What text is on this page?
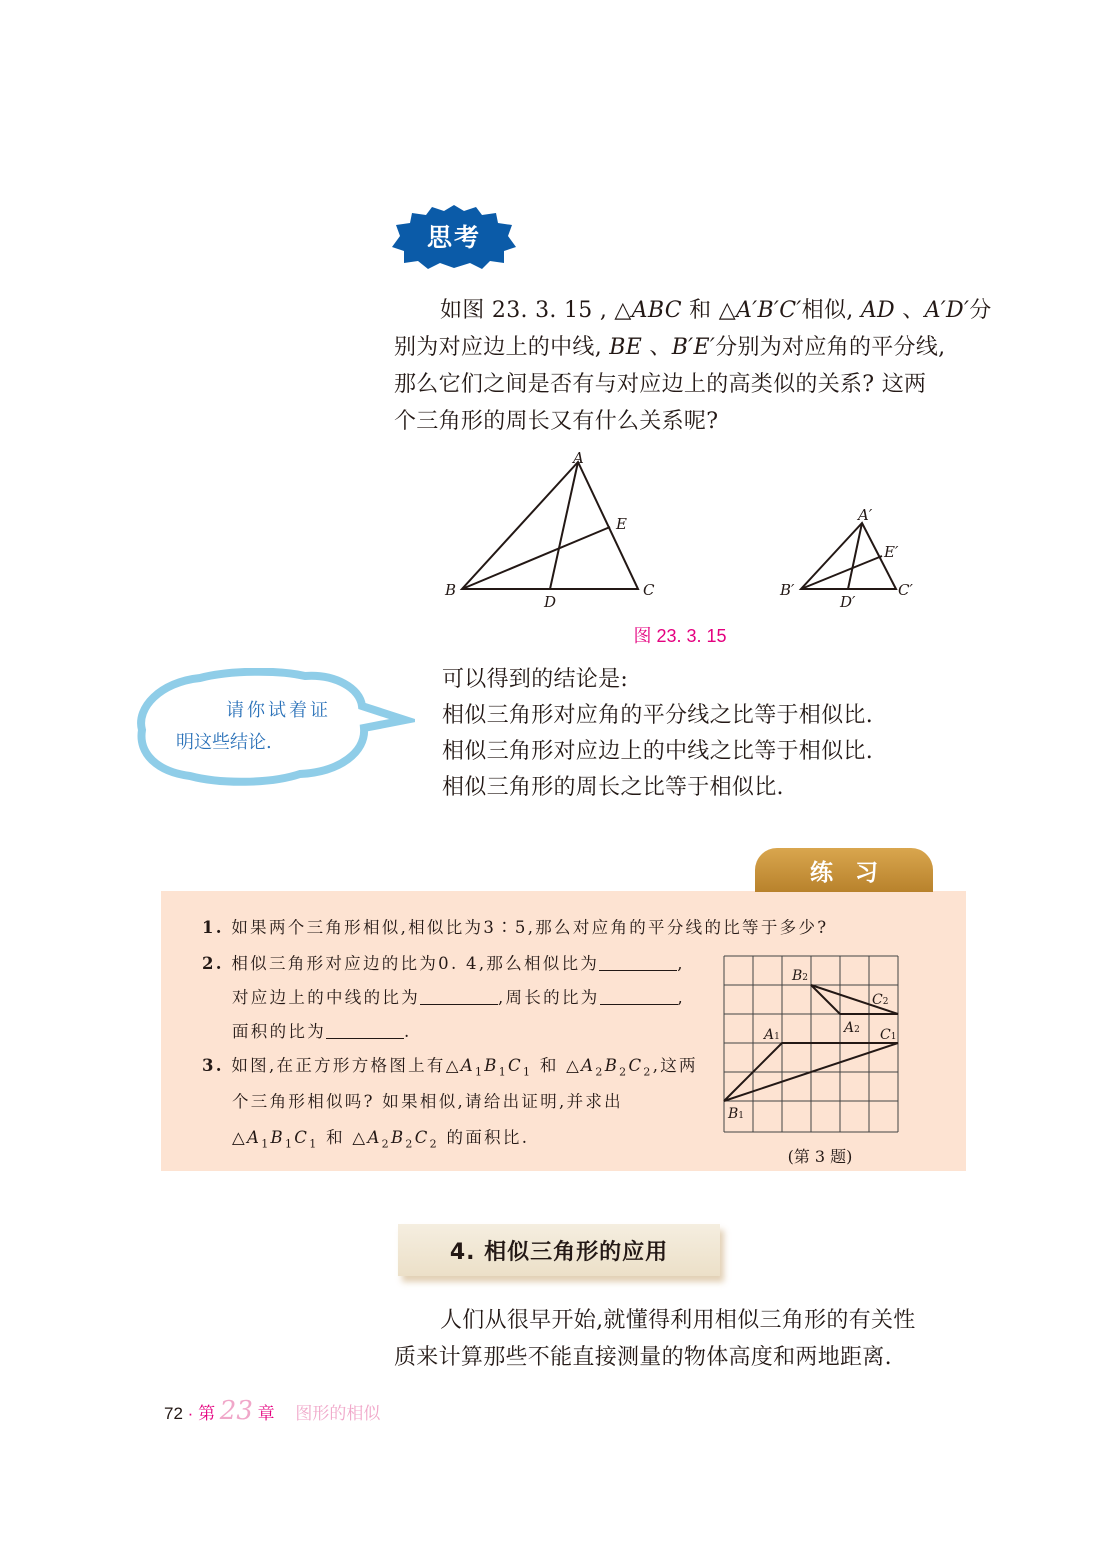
思考
如图 23. 3. 15 , △ABC 和 △A′B′C′相似, AD 、A′D′分
别为对应边上的中线, BE 、B′E′分别为对应角的平分线,
那么它们之间是否有与对应边上的高类似的关系? 这两
个三角形的周长又有什么关系呢?
A
B	C
D
E	A′
B′	C′
D′
E′
图 23. 3. 15
请你试着证
明这些结论.
可以得到的结论是:
相似三角形对应角的平分线之比等于相似比.
相似三角形对应边上的中线之比等于相似比.
相似三角形的周长之比等于相似比.
练习
1. 如果两个三角形相似,相似比为3∶5,那么对应角的平分线的比等于多少?
2. 相似三角形对应边的比为0. 4,那么相似比为	,
对应边上的中线的比为	,周长的比为	,
面积的比为	.
3. 如图,在正方形方格图上有$\triangle A_1B_1C_1$ 和 $\triangle A_2B_2C_2$,这两
个三角形相似吗? 如果相似,请给出证明,并求出
$\triangle A_1B_1C_1$ 和 $\triangle A_2B_2C_2$ 的面积比.
A1
B1
C1
A2
B2
C2
(第 3 题)
4. 相似三角形的应用
人们从很早开始,就懂得利用相似三角形的有关性
质来计算那些不能直接测量的物体高度和两地距离.
72 · 第 23 章 图形的相似
